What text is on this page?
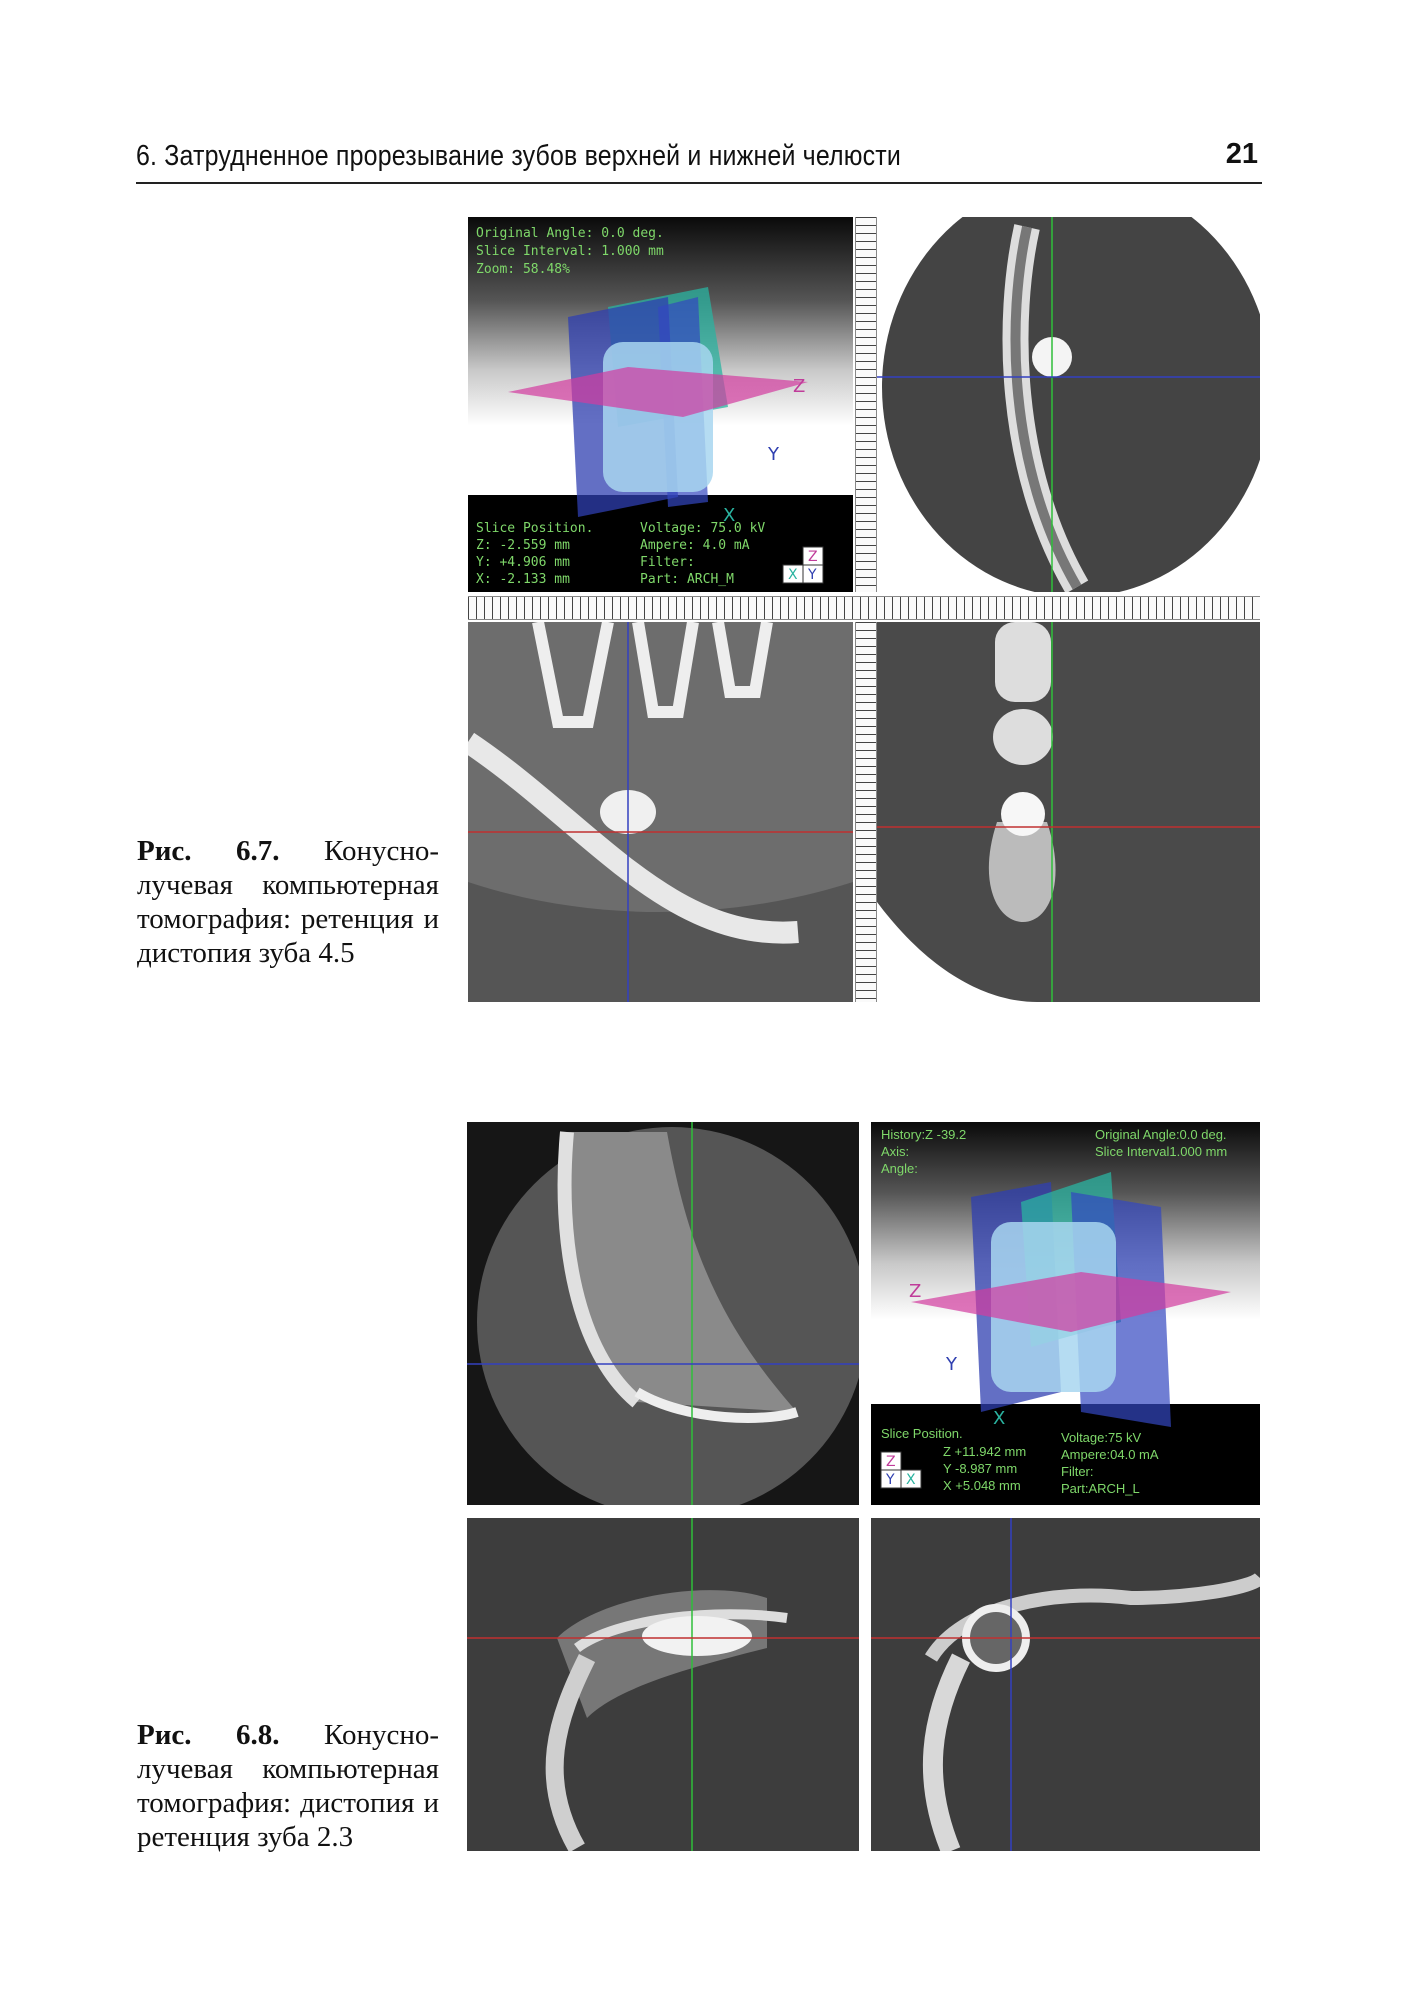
6. Затрудненное прорезывание зубов верхней и нижней челюсти	21
Z
Y
X
Original Angle: 0.0 deg.
Slice Interval: 1.000 mm
Zoom: 58.48%
Slice Position.
Z: -2.559 mm
Y: +4.906 mm
X: -2.133 mm
Voltage: 75.0 kV
Ampere: 4.0 mA
Filter:
Part: ARCH_M
Z
X Y
Рис. 6.7. Конусно-лучевая компьютерная томография: ретенция и дистопия зуба 4.5
Z
Y
X
History:Z -39.2
Axis:
Angle:
Original Angle:0.0 deg.
Slice Interval1.000 mm
Slice Position.
Z +11.942 mm
Y -8.987 mm
X +5.048 mm
Voltage:75 kV
Ampere:04.0 mA
Filter:
Part:ARCH_L
Z
Y X
Рис. 6.8. Конусно-лучевая компьютерная томография: дистопия и ретенция зуба 2.3
